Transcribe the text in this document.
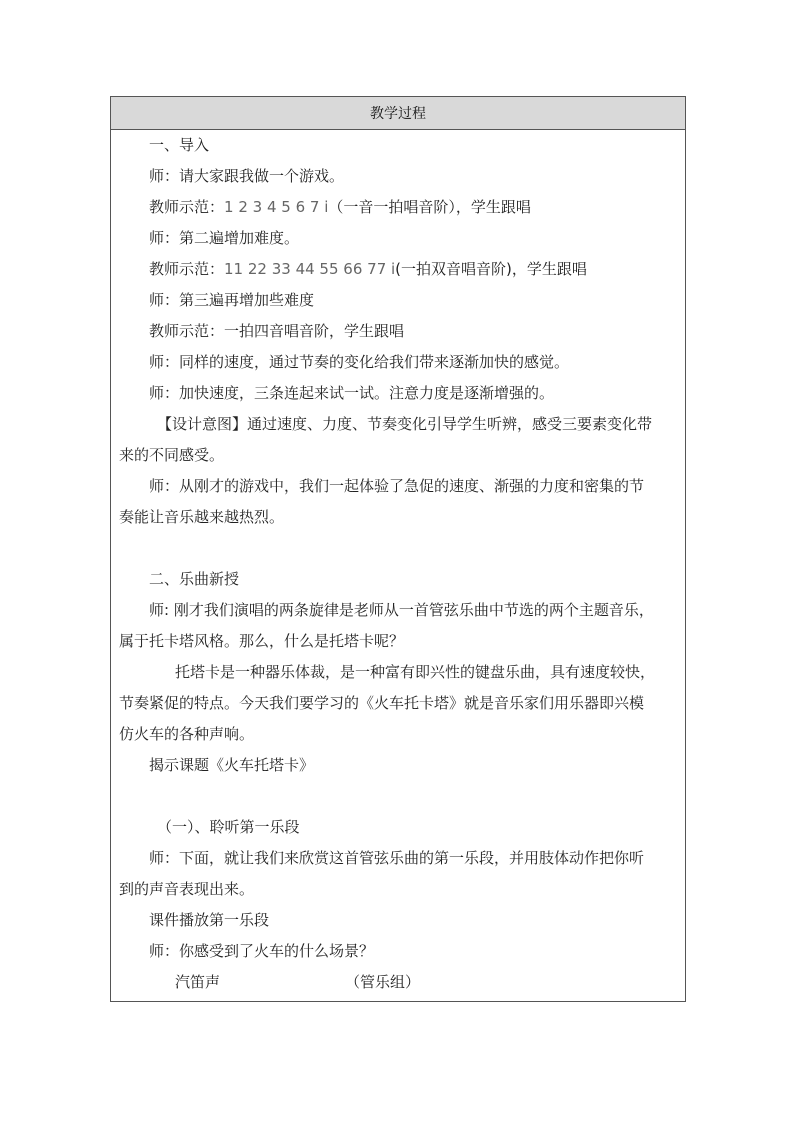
教学过程
一、导入
师：请大家跟我做一个游戏。
教师示范：1 2 3 4 5 6 7 i（一音一拍唱音阶），学生跟唱
师：第二遍增加难度。
教师示范：11 22 33 44 55 66 77 i(一拍双音唱音阶)，学生跟唱
师：第三遍再增加些难度
教师示范：一拍四音唱音阶，学生跟唱
师：同样的速度，通过节奏的变化给我们带来逐渐加快的感觉。
师：加快速度，三条连起来试一试。注意力度是逐渐增强的。
【设计意图】通过速度、力度、节奏变化引导学生听辨，感受三要素变化带
来的不同感受。
师：从刚才的游戏中，我们一起体验了急促的速度、渐强的力度和密集的节
奏能让音乐越来越热烈。
二、乐曲新授
师: 刚才我们演唱的两条旋律是老师从一首管弦乐曲中节选的两个主题音乐，
属于托卡塔风格。那么，什么是托塔卡呢？
托塔卡是一种器乐体裁，是一种富有即兴性的键盘乐曲，具有速度较快，
节奏紧促的特点。今天我们要学习的《火车托卡塔》就是音乐家们用乐器即兴模
仿火车的各种声响。
揭示课题《火车托塔卡》
（一）、聆听第一乐段
师：下面，就让我们来欣赏这首管弦乐曲的第一乐段，并用肢体动作把你听
到的声音表现出来。
课件播放第一乐段
师：你感受到了火车的什么场景？
汽笛声	（管乐组）
